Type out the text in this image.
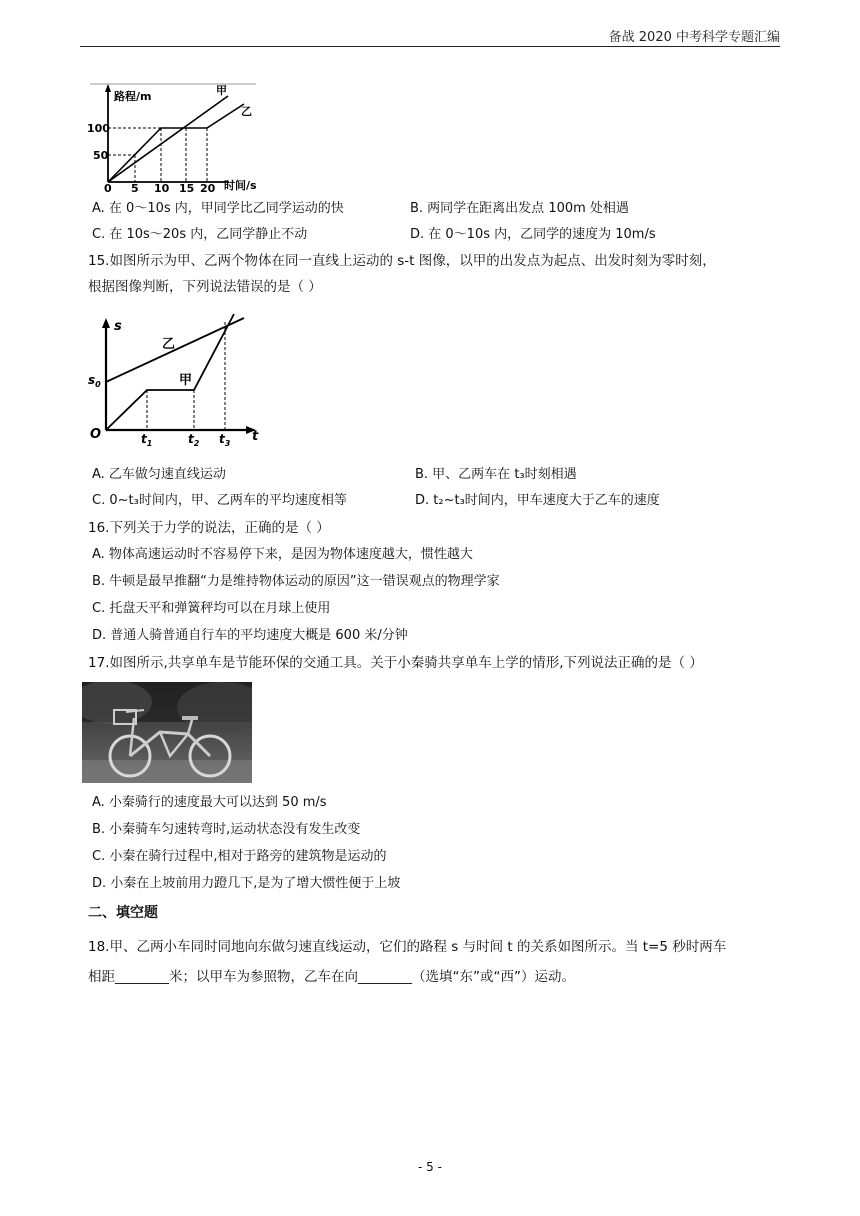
备战 2020 中考科学专题汇编
路程/m
时间/s
甲
乙
100
50
0 5 10 15 20
A. 在 0～10s 内，甲同学比乙同学运动的快	B. 两同学在距离出发点 100m 处相遇
C. 在 10s～20s 内，乙同学静止不动	D. 在 0～10s 内，乙同学的速度为 10m/s
15.如图所示为甲、乙两个物体在同一直线上运动的 s-t 图像，以甲的出发点为起点、出发时刻为零时刻，
根据图像判断，下列说法错误的是（ ）
s
t
O
$s_0$
乙
甲
$t_1$	$t_2$ $t_3$
A. 乙车做匀速直线运动	B. 甲、乙两车在 t₃时刻相遇
C. 0~t₃时间内，甲、乙两车的平均速度相等	D. t₂~t₃时间内，甲车速度大于乙车的速度
16.下列关于力学的说法，正确的是（ ）
A. 物体高速运动时不容易停下来，是因为物体速度越大，惯性越大
B. 牛顿是最早推翻“力是维持物体运动的原因”这一错误观点的物理学家
C. 托盘天平和弹簧秤均可以在月球上使用
D. 普通人骑普通自行车的平均速度大概是 600 米/分钟
17.如图所示,共享单车是节能环保的交通工具。关于小秦骑共享单车上学的情形,下列说法正确的是（ ）
A. 小秦骑行的速度最大可以达到 50 m/s
B. 小秦骑车匀速转弯时,运动状态没有发生改变
C. 小秦在骑行过程中,相对于路旁的建筑物是运动的
D. 小秦在上坡前用力蹬几下,是为了增大惯性便于上坡
二、填空题
18.甲、乙两小车同时同地向东做匀速直线运动，它们的路程 s 与时间 t 的关系如图所示。当 t=5 秒时两车
相距________米；以甲车为参照物，乙车在向________（选填“东”或“西”）运动。
- 5 -
